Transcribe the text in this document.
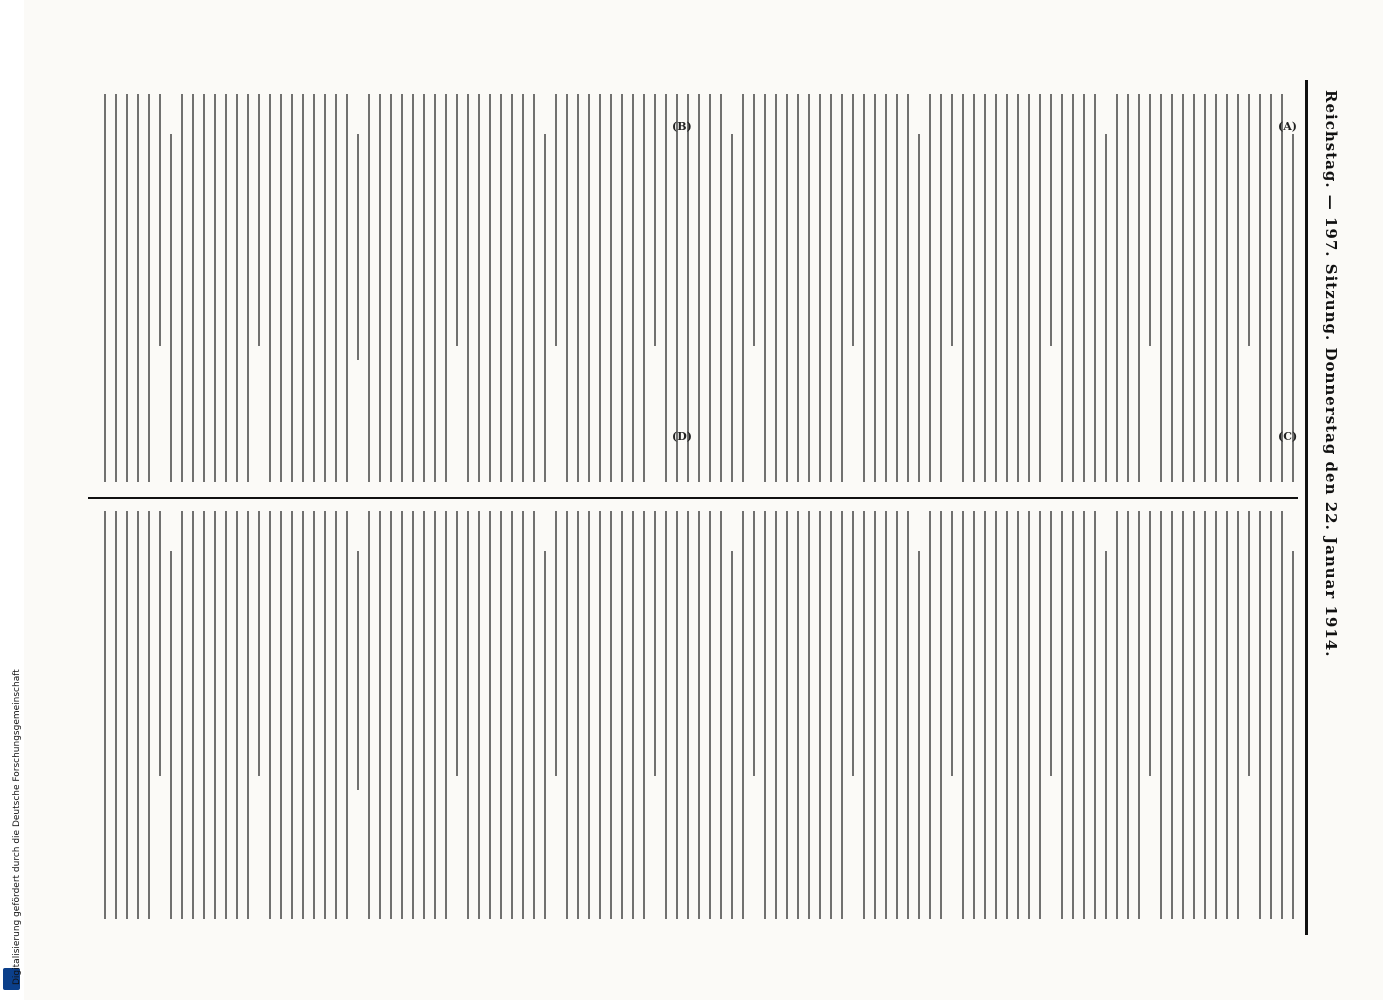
Digitalisierung gefördert durch die Deutsche Forschungsgemeinschaft
Reichstag. — 197. Sitzung. Donnerstag den 22. Januar 1914.
(A)
(C)
(B)
(D)
